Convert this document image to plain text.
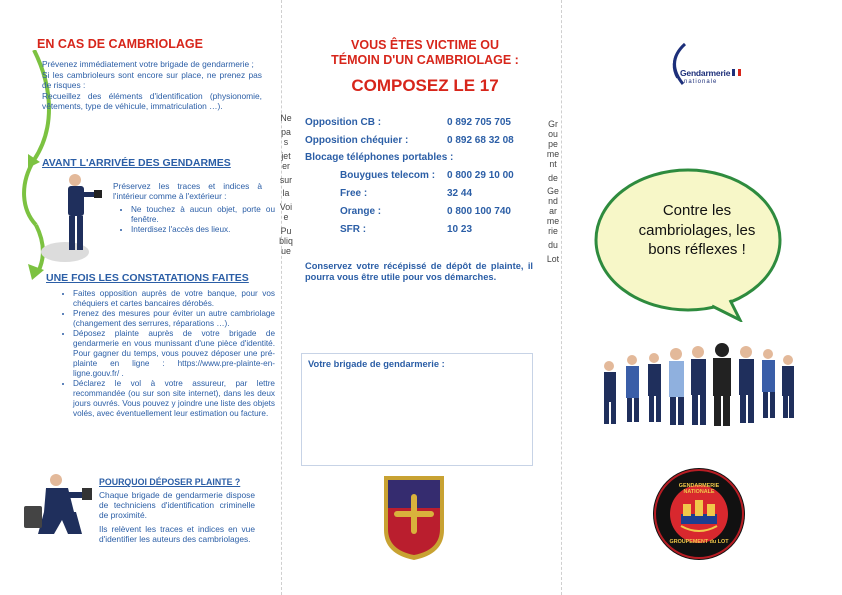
EN CAS DE CAMBRIOLAGE

Prévenez immédiatement votre brigade de gendarmerie ;

Si les cambrioleurs sont encore sur place, ne prenez pas de risques :

Recueillez des éléments d'identification (physionomie, vêtements, type de véhicule, immatriculation …).

AVANT L'ARRIVÉE DES GENDARMES
Préservez les traces et indices à l'intérieur comme à l'extérieur :
• Ne touchez à aucun objet, porte ou fenêtre.
• Interdisez l'accès des lieux.
UNE FOIS LES CONSTATATIONS FAITES
• Faites opposition auprès de votre banque, pour vos chéquiers et cartes bancaires dérobés.
• Prenez des mesures pour éviter un autre cambriolage (changement des serrures, réparations …).
• Déposez plainte auprès de votre brigade de gendarmerie en vous munissant d'une pièce d'identité. Pour gagner du temps, vous pouvez déposer une pré-plainte en ligne : https://www.pre-plainte-en-ligne.gouv.fr/ .
• Déclarez le vol à votre assureur, par lettre recommandée (ou sur son site internet), dans les deux jours ouvrés. Vous pouvez y joindre une liste des objets volés, avec éventuellement leur estimation ou facture.
POURQUOI DÉPOSER PLAINTE ?

Chaque brigade de gendarmerie dispose de techniciens d'identification criminelle de proximité.

Ils relèvent les traces et indices en vue d'identifier les auteurs des cambriolages.

VOUS ÊTES VICTIME OU
TÉMOIN D'UN CAMBRIOLAGE :
COMPOSEZ LE 17
Ne
pas
jeter
sur
la
Voie
Publique
Groupement
de
Gendarmerie
du
Lot
Opposition CB :	0 892 705 705
Opposition chéquier :	0 892 68 32 08
Blocage téléphones portables :
Bouygues telecom : 0 800 29 10 00
Free :	32 44
Orange :	0 800 100 740
SFR :	10 23
Conservez votre récépissé de dépôt de plainte, il pourra vous être utile pour vos démarches.
Votre brigade de gendarmerie :
Gendarmerie
nationale
Contre les cambriolages, les bons réflexes !
GENDARMERIE NATIONALE
GROUPEMENT du LOT
